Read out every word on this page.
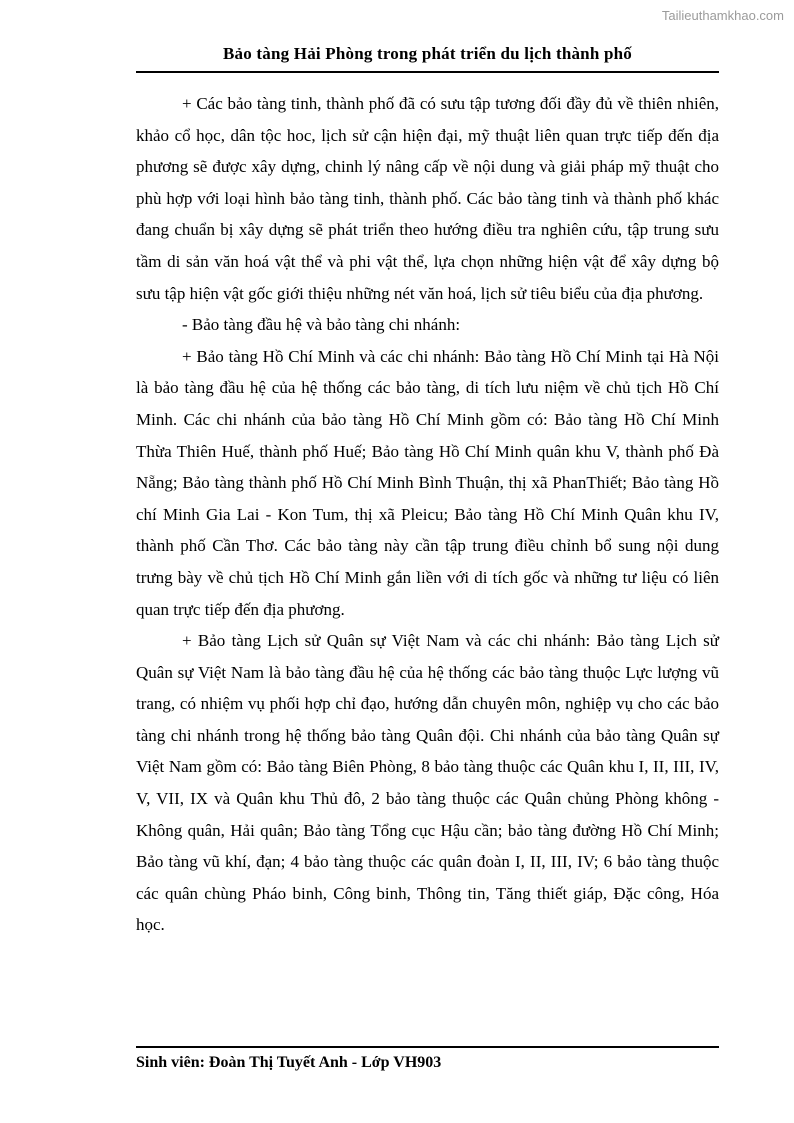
Tailieuthamkhao.com
Bảo tàng Hải Phòng trong phát triển du lịch thành phố

+ Các bảo tàng tinh, thành phố đã có sưu tập tương đối đầy đủ về thiên nhiên, khảo cổ học, dân tộc hoc, lịch sử cận hiện đại, mỹ thuật liên quan trực tiếp đến địa phương sẽ được xây dựng, chinh lý nâng cấp về nội dung và giải pháp mỹ thuật cho phù hợp với loại hình bảo tàng tinh, thành phố. Các bảo tàng tinh và thành phố khác đang chuẩn bị xây dựng sẽ phát triển theo hướng điều tra nghiên cứu, tập trung sưu tầm di sản văn hoá vật thể và phi vật thể, lựa chọn những hiện vật để xây dựng bộ sưu tập hiện vật gốc giới thiệu những nét văn hoá, lịch sử tiêu biểu của địa phương.

- Bảo tàng đầu hệ và bảo tàng chi nhánh:

+ Bảo tàng Hồ Chí Minh và các chi nhánh: Bảo tàng Hồ Chí Minh tại Hà Nội là bảo tàng đầu hệ của hệ thống các bảo tàng, di tích lưu niệm về chủ tịch Hồ Chí Minh. Các chi nhánh của bảo tàng Hồ Chí Minh gồm có: Bảo tàng Hồ Chí Minh Thừa Thiên Huế, thành phố Huế; Bảo tàng Hồ Chí Minh quân khu V, thành phố Đà Nẵng; Bảo tàng thành phố Hồ Chí Minh Bình Thuận, thị xã PhanThiết; Bảo tàng Hồ chí Minh Gia Lai - Kon Tum, thị xã Pleicu; Bảo tàng Hồ Chí Minh Quân khu IV, thành phố Cần Thơ. Các bảo tàng này cần tập trung điều chỉnh bổ sung nội dung trưng bày về chủ tịch Hồ Chí Minh gắn liền với di tích gốc và những tư liệu có liên quan trực tiếp đến địa phương.

+ Bảo tàng Lịch sử Quân sự Việt Nam và các chi nhánh: Bảo tàng Lịch sử Quân sự Việt Nam là bảo tàng đầu hệ của hệ thống các bảo tàng thuộc Lực lượng vũ trang, có nhiệm vụ phối hợp chỉ đạo, hướng dẫn chuyên môn, nghiệp vụ cho các bảo tàng chi nhánh trong hệ thống bảo tàng Quân đội. Chi nhánh của bảo tàng Quân sự Việt Nam gồm có: Bảo tàng Biên Phòng, 8 bảo tàng thuộc các Quân khu I, II, III, IV, V, VII, IX và Quân khu Thủ đô, 2 bảo tàng thuộc các Quân chủng Phòng không - Không quân, Hải quân; Bảo tàng Tổng cục Hậu cần; bảo tàng đường Hồ Chí Minh; Bảo tàng vũ khí, đạn; 4 bảo tàng thuộc các quân đoàn I, II, III, IV; 6 bảo tàng thuộc các quân chùng Pháo binh, Công binh, Thông tin, Tăng thiết giáp, Đặc công, Hóa học.

Sinh viên: Đoàn Thị Tuyết Anh - Lớp VH903
